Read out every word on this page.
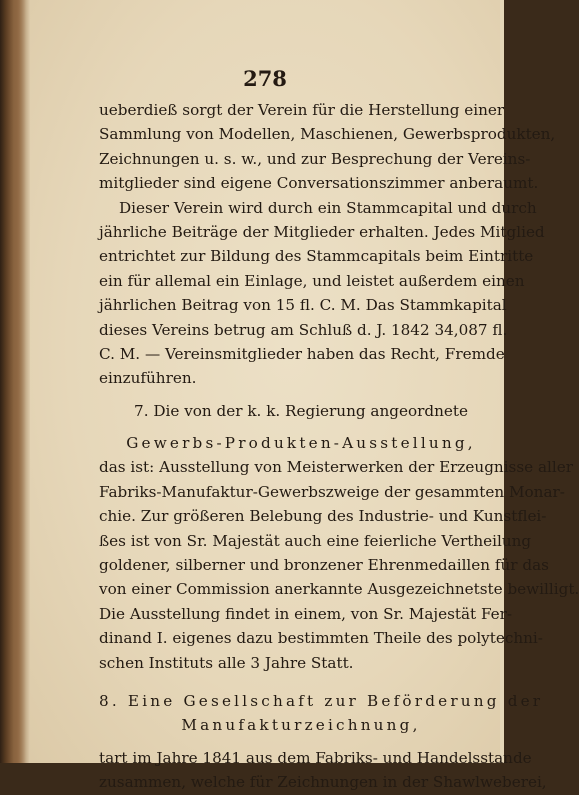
278
ueberdieß sorgt der Verein für die Herstellung einer
Sammlung von Modellen, Maschienen, Gewerbsprodukten,
Zeichnungen u. s. w., und zur Besprechung der Vereins-
mitglieder sind eigene Conversationszimmer anberaumt.
Dieser Verein wird durch ein Stammcapital und durch
jährliche Beiträge der Mitglieder erhalten. Jedes Mitglied
entrichtet zur Bildung des Stammcapitals beim Eintritte
ein für allemal ein Einlage, und leistet außerdem einen
jährlichen Beitrag von 15 fl. C. M. Das Stammkapital
dieses Vereins betrug am Schluß d. J. 1842 34,087 fl.
C. M. — Vereinsmitglieder haben das Recht, Fremde
einzuführen.
7. Die von der k. k. Regierung angeordnete
Gewerbs-Produkten-Ausstellung,
das ist: Ausstellung von Meisterwerken der Erzeugnisse aller
Fabriks-Manufaktur-Gewerbszweige der gesammten Monar-
chie. Zur größeren Belebung des Industrie- und Kunstflei-
ßes ist von Sr. Majestät auch eine feierliche Vertheilung
goldener, silberner und bronzener Ehrenmedaillen für das
von einer Commission anerkannte Ausgezeichnetste bewilligt.
Die Ausstellung findet in einem, von Sr. Majestät Fer-
dinand I. eigenes dazu bestimmten Theile des polytechni-
schen Instituts alle 3 Jahre Statt.
8. Eine Gesellschaft zur Beförderung der
Manufakturzeichnung,
tart im Jahre 1841 aus dem Fabriks- und Handelsstande
zusammen, welche für Zeichnungen in der Shawlweberei,
